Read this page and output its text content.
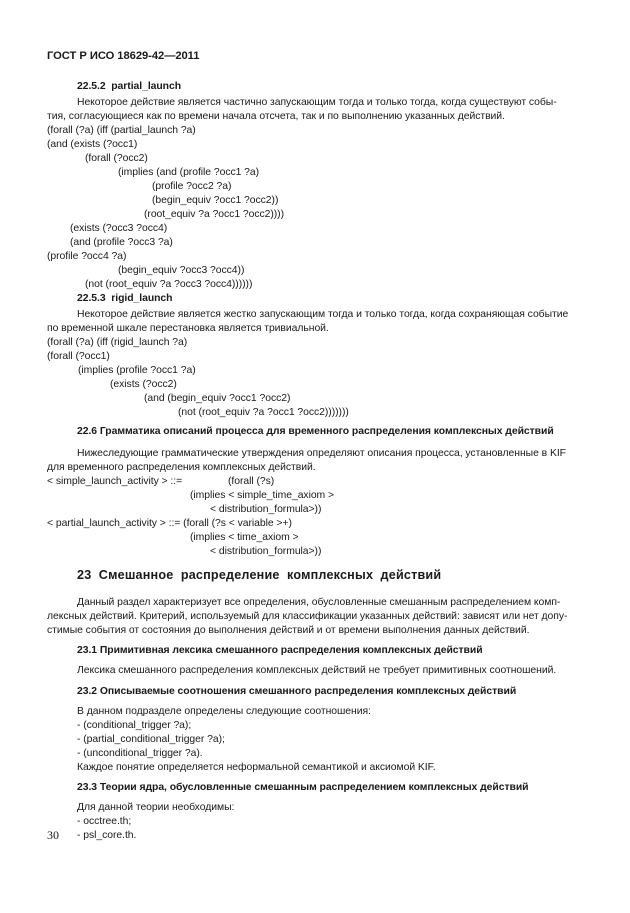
ГОСТ Р ИСО 18629-42—2011
22.5.2  partial_launch
Некоторое действие является частично запускающим тогда и только тогда, когда существуют собы-
тия, согласующиеся как по времени начала отсчета, так и по выполнению указанных действий.
(forall (?a) (iff (partial_launch ?a)
(and (exists (?occ1)
(forall (?occ2)
(implies (and (profile ?occ1 ?a)
(profile ?occ2 ?a)
(begin_equiv ?occ1 ?occ2))
(root_equiv ?a ?occ1 ?occ2))))
(exists (?occ3 ?occ4)
(and (profile ?occ3 ?a)
(profile ?occ4 ?a)
(begin_equiv ?occ3 ?occ4))
(not (root_equiv ?a ?occ3 ?occ4))))))
22.5.3  rigid_launch
Некоторое действие является жестко запускающим тогда и только тогда, когда сохраняющая событие
по временной шкале перестановка является тривиальной.
(forall (?a) (iff (rigid_launch ?a)
(forall (?occ1)
(implies (profile ?occ1 ?a)
(exists (?occ2)
(and (begin_equiv ?occ1 ?occ2)
(not (root_equiv ?a ?occ1 ?occ2)))))))
22.6 Грамматика описаний процесса для временного распределения комплексных действий
Нижеследующие грамматические утверждения определяют описания процесса, установленные в KIF
для временного распределения комплексных действий.
< simple_launch_activity > ::=	(forall (?s)
(implies < simple_time_axiom >
< distribution_formula>))
< partial_launch_activity > ::= (forall (?s < variable >+)
(implies < time_axiom >
< distribution_formula>))
23  Смешанное  распределение  комплексных  действий
Данный раздел характеризует все определения, обусловленные смешанным распределением комп-
лексных действий. Критерий, используемый для классификации указанных действий: зависят или нет допу-
стимые события от состояния до выполнения действий и от времени выполнения данных действий.
23.1 Примитивная лексика смешанного распределения комплексных действий
Лексика смешанного распределения комплексных действий не требует примитивных соотношений.
23.2 Описываемые соотношения смешанного распределения комплексных действий
В данном подразделе определены следующие соотношения:
- (conditional_trigger ?a);
- (partial_conditional_trigger ?a);
- (unconditional_trigger ?a).
Каждое понятие определяется неформальной семантикой и аксиомой KIF.
23.3 Теории ядра, обусловленные смешанным распределением комплексных действий
Для данной теории необходимы:
- occtree.th;
- psl_core.th.
30
